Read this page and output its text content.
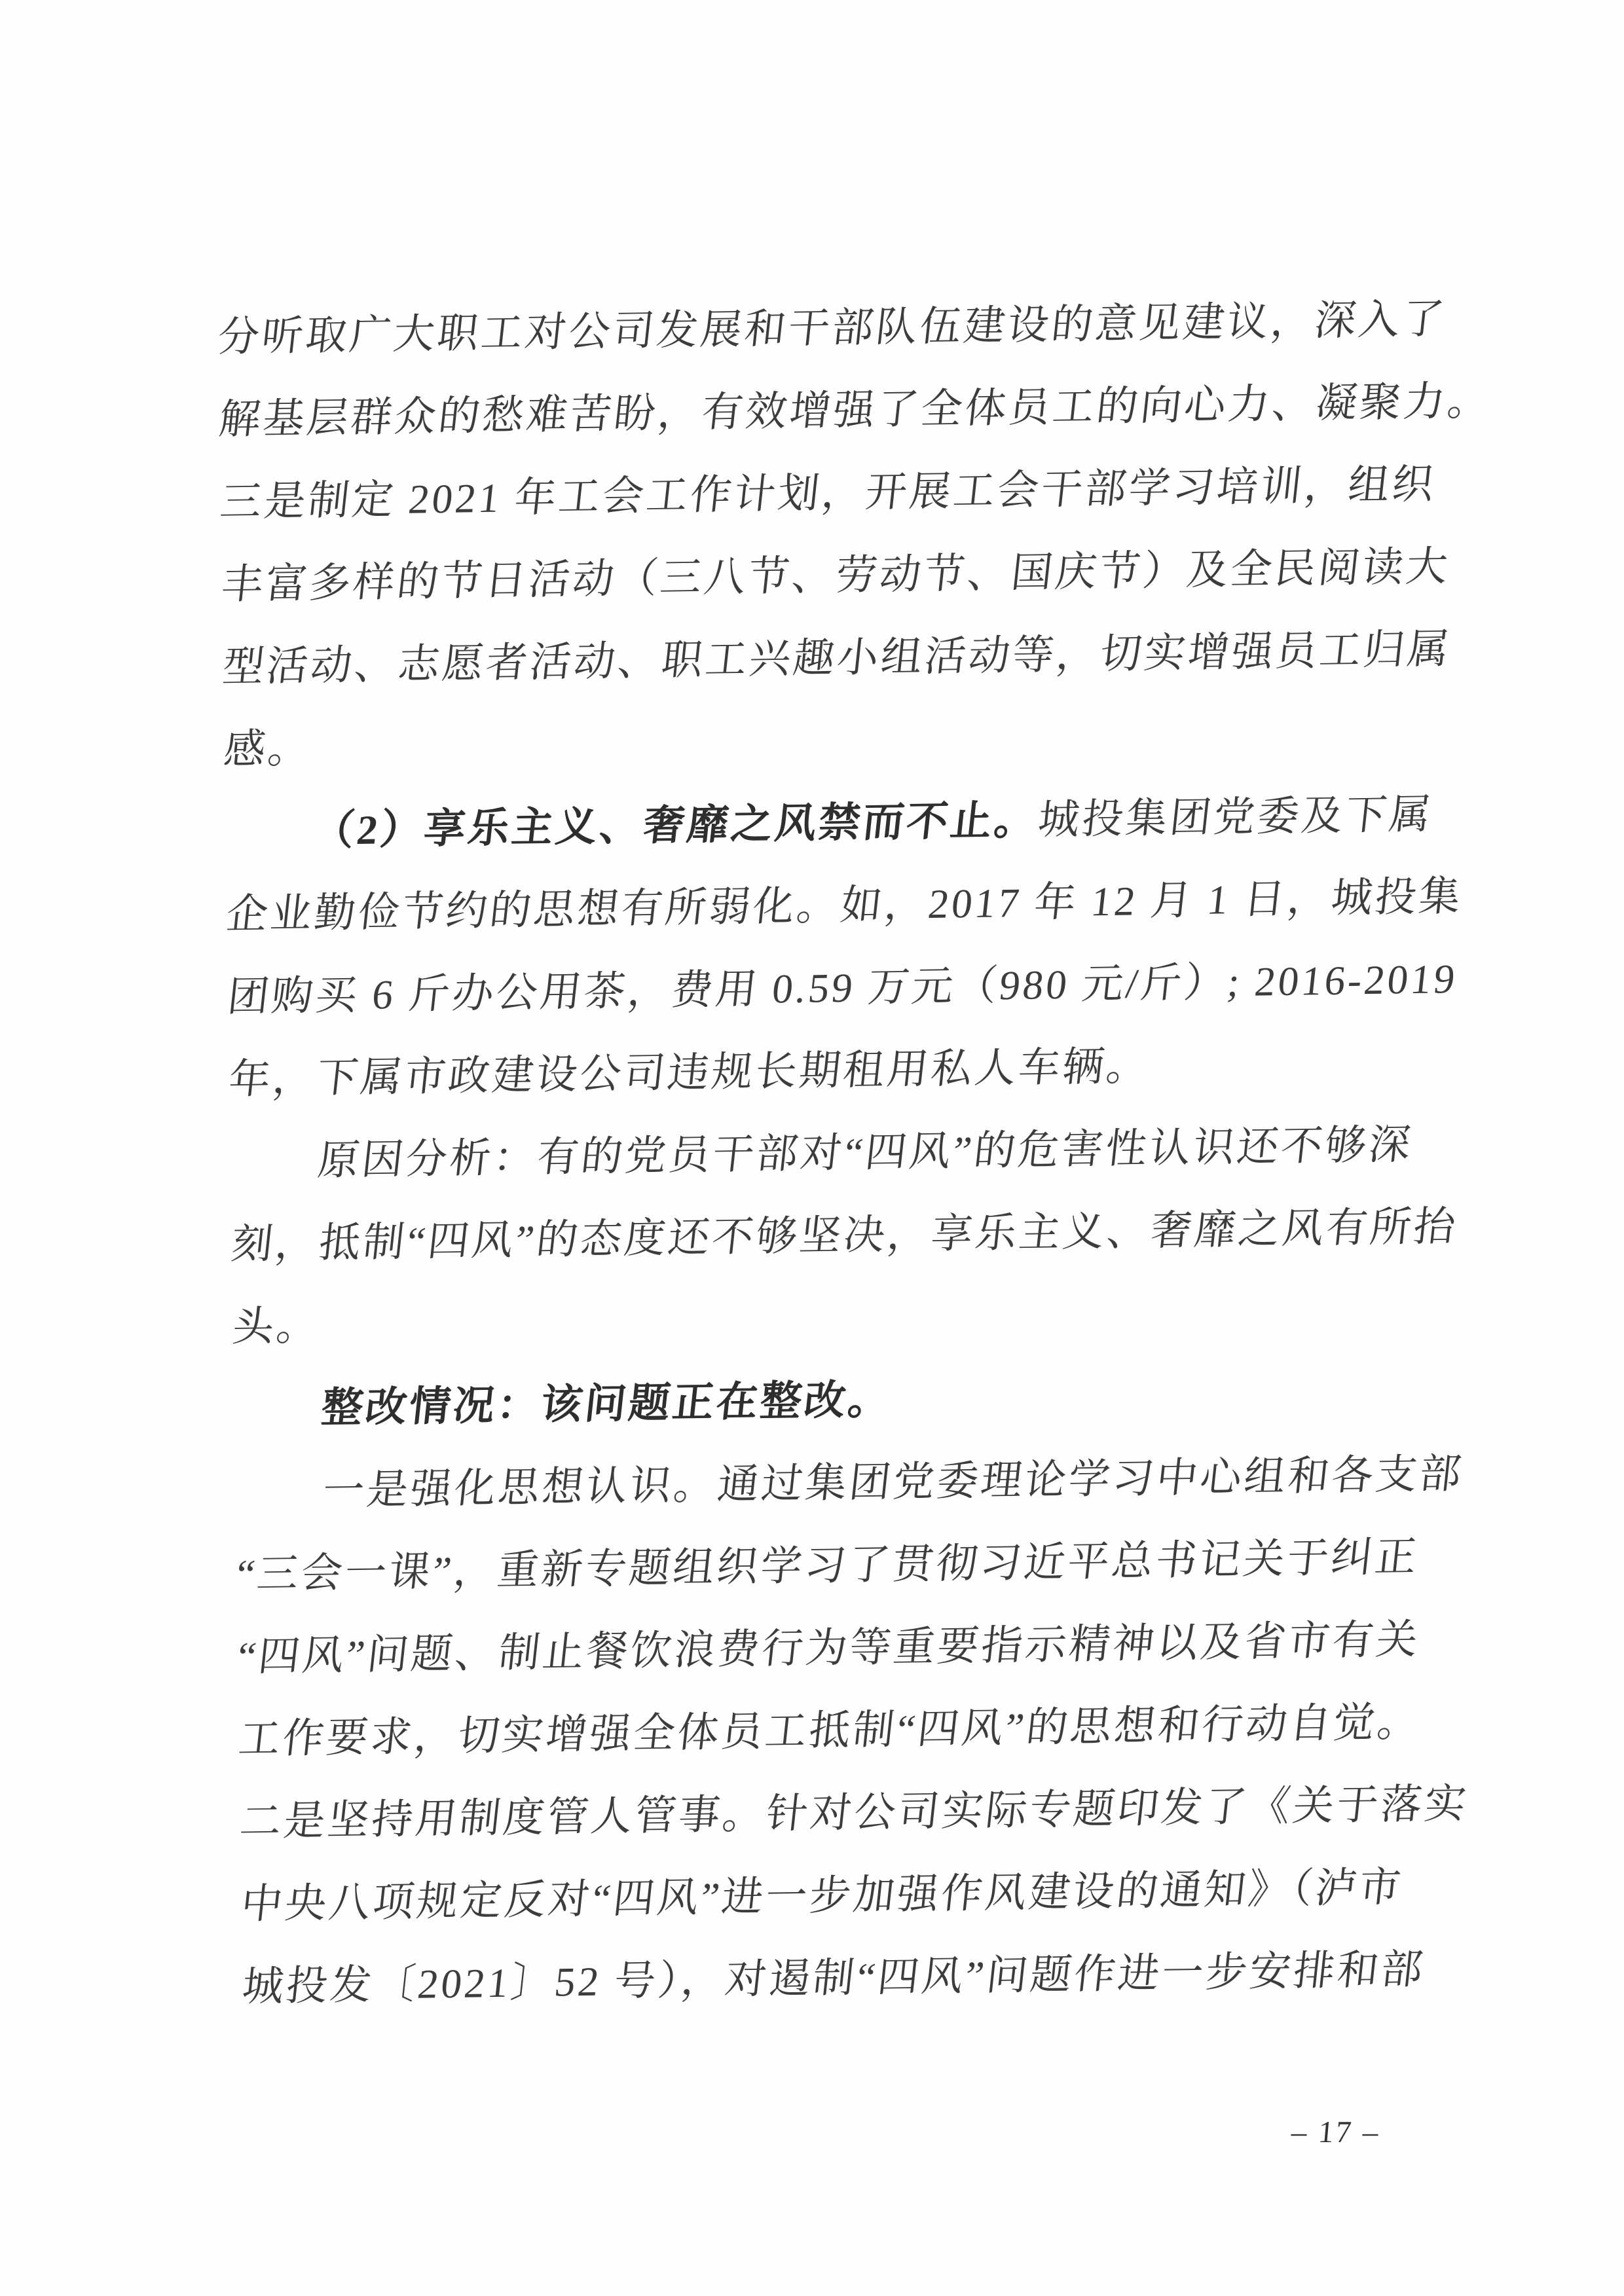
分听取广大职工对公司发展和干部队伍建设的意见建议，深入了
解基层群众的愁难苦盼，有效增强了全体员工的向心力、凝聚力。
三是制定 2021 年工会工作计划，开展工会干部学习培训，组织
丰富多样的节日活动（三八节、劳动节、国庆节）及全民阅读大
型活动、志愿者活动、职工兴趣小组活动等，切实增强员工归属
感。
（2）享乐主义、奢靡之风禁而不止。城投集团党委及下属
企业勤俭节约的思想有所弱化。如，2017 年 12 月 1 日，城投集
团购买 6 斤办公用茶，费用 0.59 万元（980 元/斤）; 2016-2019
年，下属市政建设公司违规长期租用私人车辆。
原因分析：有的党员干部对“四风”的危害性认识还不够深
刻，抵制“四风”的态度还不够坚决，享乐主义、奢靡之风有所抬
头。
整改情况：该问题正在整改。
一是强化思想认识。通过集团党委理论学习中心组和各支部
“三会一课”，重新专题组织学习了贯彻习近平总书记关于纠正
“四风”问题、制止餐饮浪费行为等重要指示精神以及省市有关
工作要求，切实增强全体员工抵制“四风”的思想和行动自觉。
二是坚持用制度管人管事。针对公司实际专题印发了《关于落实
中央八项规定反对“四风”进一步加强作风建设的通知》（泸市
城投发〔2021〕52 号），对遏制“四风”问题作进一步安排和部
– 17 –
